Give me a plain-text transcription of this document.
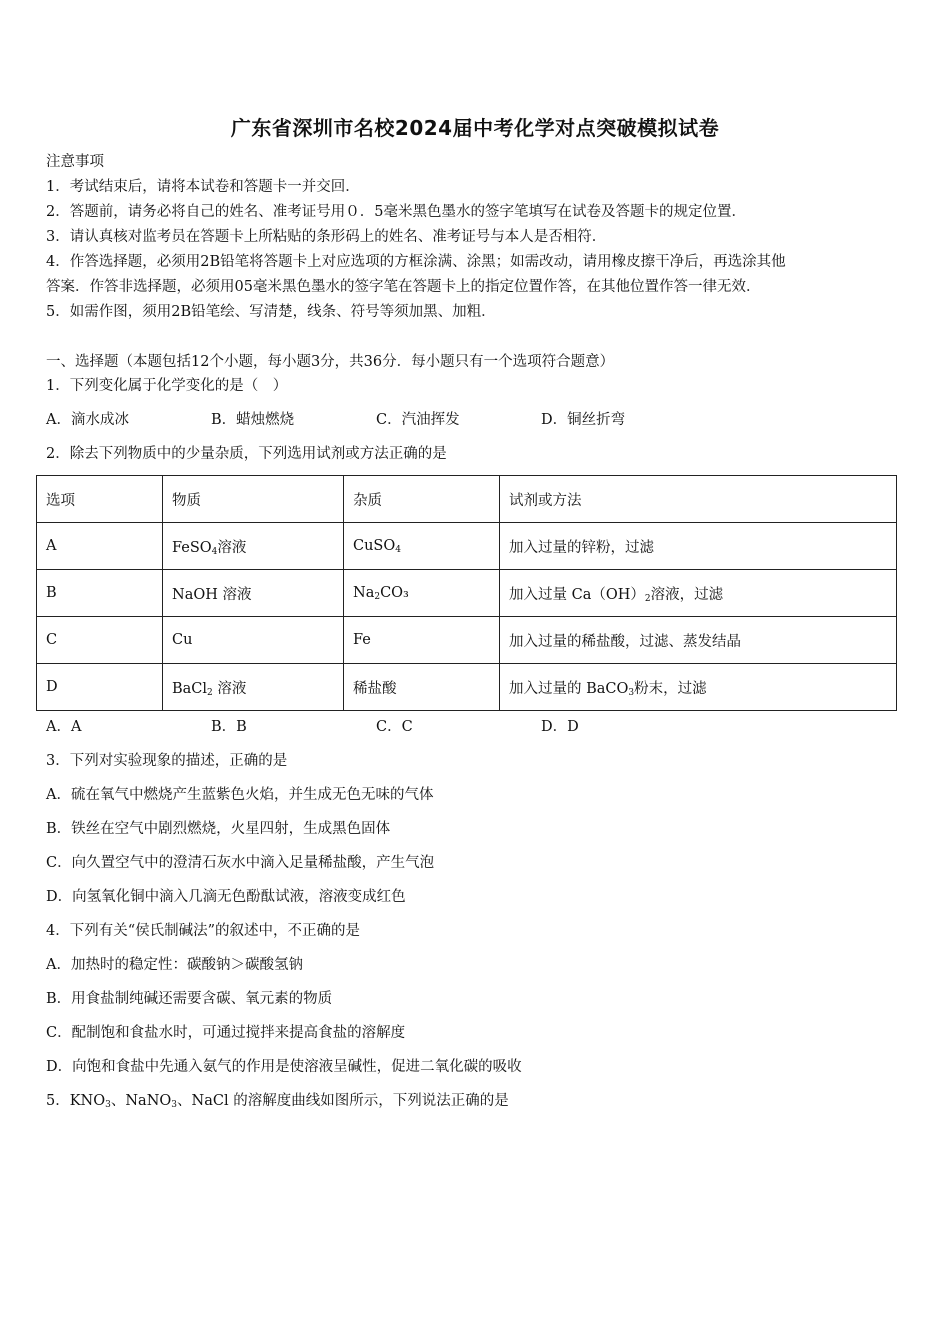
广东省深圳市名校2024届中考化学对点突破模拟试卷
注意事项
1．考试结束后，请将本试卷和答题卡一并交回．
2．答题前，请务必将自己的姓名、准考证号用０．5毫米黑色墨水的签字笔填写在试卷及答题卡的规定位置．
3．请认真核对监考员在答题卡上所粘贴的条形码上的姓名、准考证号与本人是否相符．
4．作答选择题，必须用2B铅笔将答题卡上对应选项的方框涂满、涂黑；如需改动，请用橡皮擦干净后，再选涂其他
答案．作答非选择题，必须用05毫米黑色墨水的签字笔在答题卡上的指定位置作答，在其他位置作答一律无效．
5．如需作图，须用2B铅笔绘、写清楚，线条、符号等须加黑、加粗．
一、选择题（本题包括12个小题，每小题3分，共36分．每小题只有一个选项符合题意）
1．下列变化属于化学变化的是（　）
A．滴水成冰	B．蜡烛燃烧	C．汽油挥发	D．铜丝折弯
2．除去下列物质中的少量杂质，下列选用试剂或方法正确的是
选项	物质	杂质	试剂或方法
A	FeSO$_4$溶液	CuSO$_4$	加入过量的锌粉，过滤
B	NaOH 溶液	$Na_2CO_3$	加入过量 $Ca(OH)_2$溶液，过滤
C	Cu	Fe	加入过量的稀盐酸，过滤、蒸发结晶
D	BaCl$_2$ 溶液	稀盐酸	加入过量的 BaCO$_3$粉末，过滤
A．A	B．B	C．C	D．D
3．下列对实验现象的描述，正确的是
A．硫在氧气中燃烧产生蓝紫色火焰，并生成无色无味的气体
B．铁丝在空气中剧烈燃烧，火星四射，生成黑色固体
C．向久置空气中的澄清石灰水中滴入足量稀盐酸，产生气泡
D．向氢氧化铜中滴入几滴无色酚酞试液，溶液变成红色
4．下列有关“侯氏制碱法”的叙述中，不正确的是
A．加热时的稳定性：碳酸钠＞碳酸氢钠
B．用食盐制纯碱还需要含碳、氧元素的物质
C．配制饱和食盐水时，可通过搅拌来提高食盐的溶解度
D．向饱和食盐中先通入氨气的作用是使溶液呈碱性，促进二氧化碳的吸收
5．$KNO_3$、NaNO$_3$、NaCl 的溶解度曲线如图所示，下列说法正确的是
